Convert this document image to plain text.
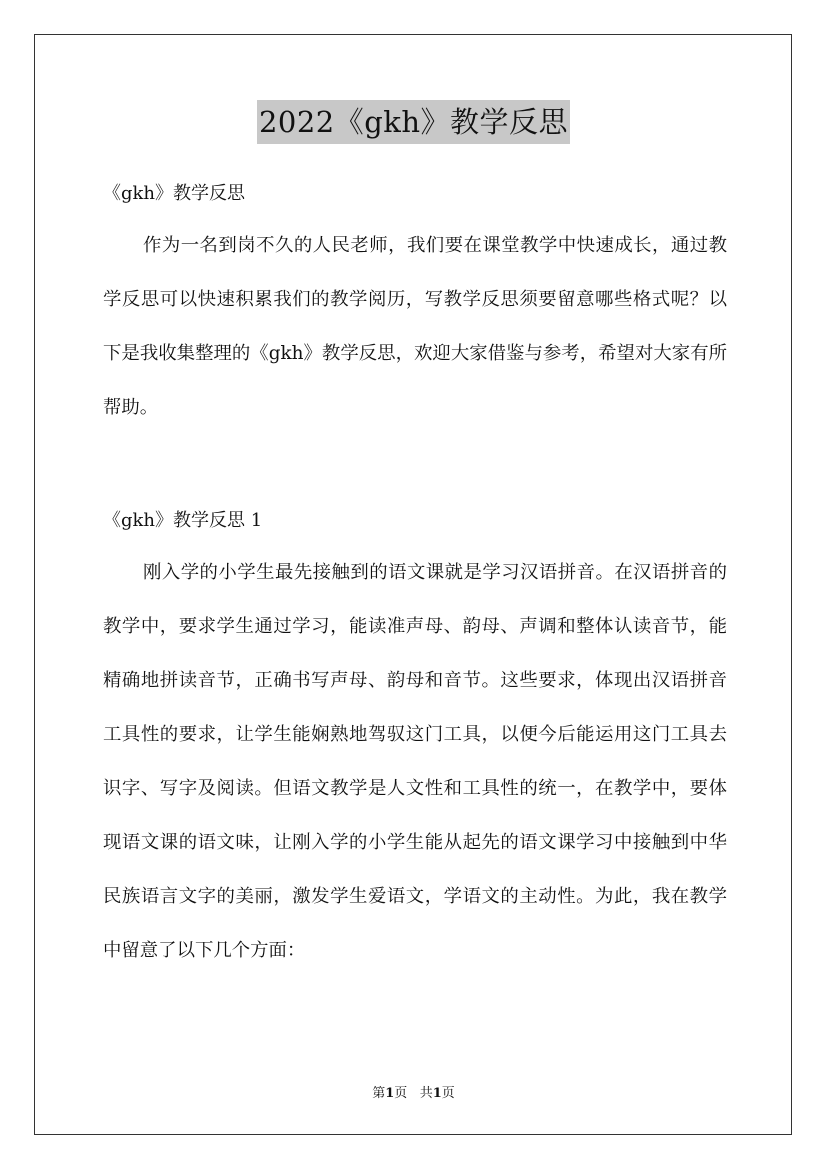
2022《gkh》教学反思
《gkh》教学反思

作为一名到岗不久的人民老师，我们要在课堂教学中快速成长，通过教学反思可以快速积累我们的教学阅历，写教学反思须要留意哪些格式呢？以下是我收集整理的《gkh》教学反思，欢迎大家借鉴与参考，希望对大家有所帮助。

《gkh》教学反思 1

刚入学的小学生最先接触到的语文课就是学习汉语拼音。在汉语拼音的教学中，要求学生通过学习，能读准声母、韵母、声调和整体认读音节，能精确地拼读音节，正确书写声母、韵母和音节。这些要求，体现出汉语拼音工具性的要求，让学生能娴熟地驾驭这门工具，以便今后能运用这门工具去识字、写字及阅读。但语文教学是人文性和工具性的统一，在教学中，要体现语文课的语文味，让刚入学的小学生能从起先的语文课学习中接触到中华民族语言文字的美丽，激发学生爱语文，学语文的主动性。为此，我在教学中留意了以下几个方面：

第1页   共1页
